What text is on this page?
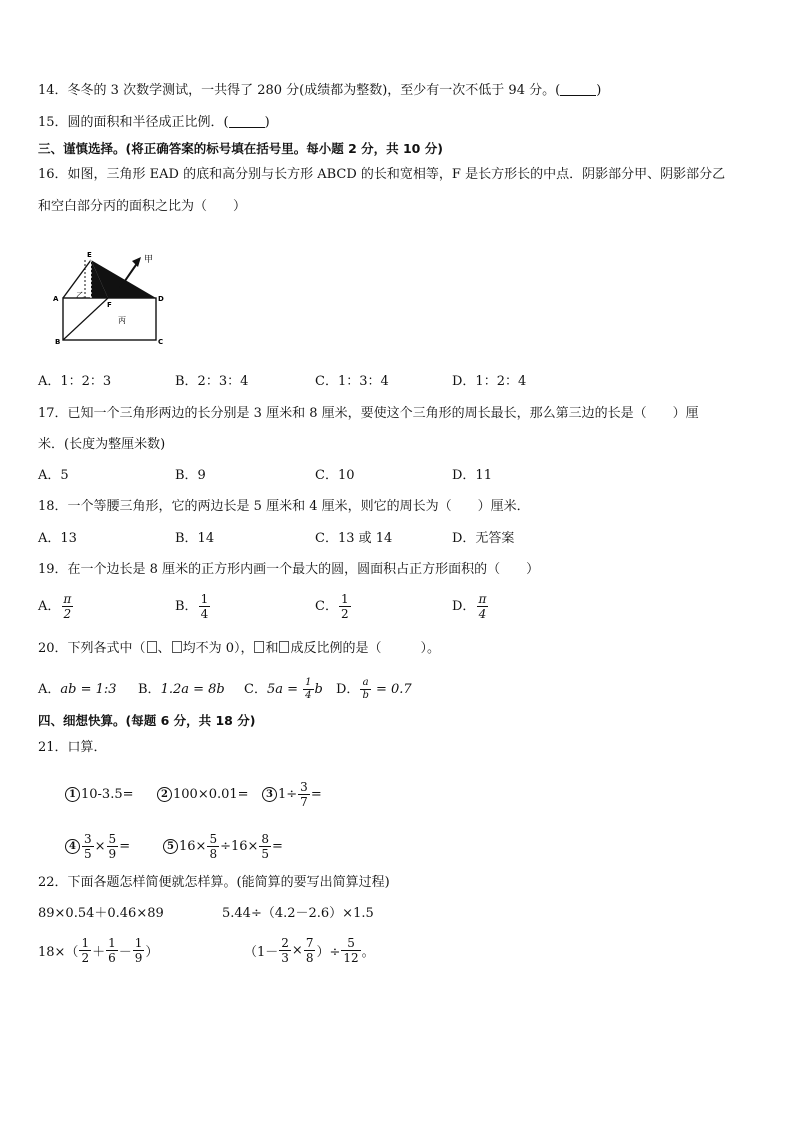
14．冬冬的 3 次数学测试，一共得了 280 分(成绩都为整数)，至少有一次不低于 94 分。(	)
15．圆的面积和半径成正比例．(	)
三、谨慎选择。(将正确答案的标号填在括号里。每小题 2 分，共 10 分)
16．如图，三角形 EAD 的底和高分别与长方形 ABCD 的长和宽相等，F 是长方形长的中点．阴影部分甲、阴影部分乙
和空白部分丙的面积之比为（　　）
甲
乙
丙
E
A
F
D
B	C
A．1：2：3	B．2：3：4	C．1：3：4	D．1：2：4
17．已知一个三角形两边的长分别是 3 厘米和 8 厘米，要使这个三角形的周长最长，那么第三边的长是（　　）厘
米．(长度为整厘米数)
A．5	B．9	C．10	D．11
18．一个等腰三角形，它的两边长是 5 厘米和 4 厘米，则它的周长为（　　）厘米．
A．13	B．14	C．13 或 14	D．无答案
19．在一个边长是 8 厘米的正方形内画一个最大的圆，圆面积占正方形面积的（　　）
A． $\frac{\pi}{2}$	B． $\frac{1}{4}$	C． $\frac{1}{2}$	D． $\frac{\pi}{4}$
20．下列各式中（ 、 均不为 0）， 和 成反比例的是（　　　）。
A．ab = 1:3 B．1.2a = 8b C．$5a = \frac{1}{4}$ b D． $\frac{a}{b} = 0.7$
四、细想快算。(每题 6 分，共 18 分)
21．口算．
1 10-3.5=	2 100×0.01=	3 $1\div \frac{3}{7}$ =
$4 \frac{3}{5} \times \frac{5}{9}$ =	5 $16\times \frac{5}{8} \div 16\times \frac{8}{5}$ =
22．下面各题怎样简便就怎样算。(能简算的要写出简算过程)
89×0.54＋0.46×89	5.44÷（4.2－2.6）×1.5
$18\times( \frac{1}{2} + \frac{1}{6} - \frac{1}{9}$ ）	（$1- \frac{2}{3} \times \frac{7}{8}$ ）÷ $\frac{5}{12}$ 。
